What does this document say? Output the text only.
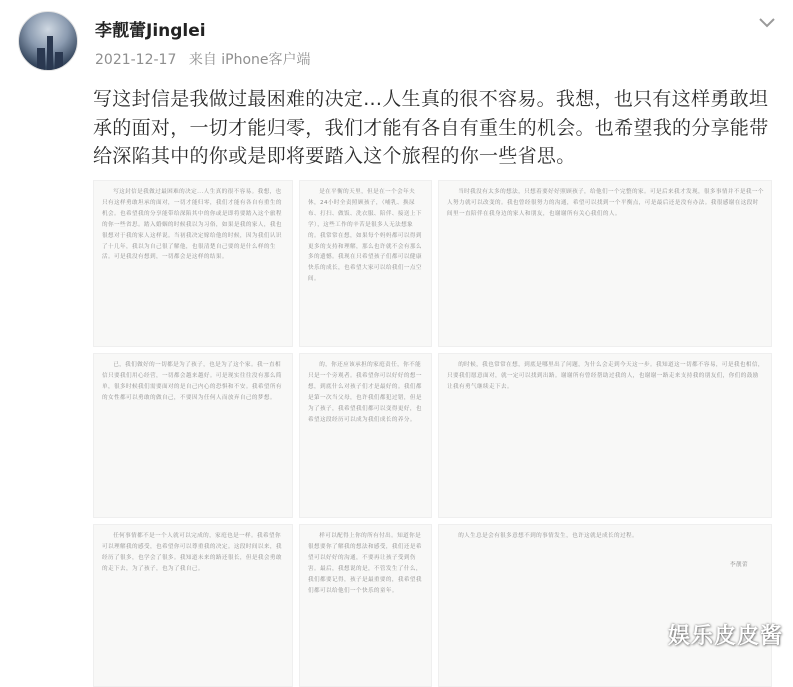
李靓蕾Jinglei
2021-12-17 来自 iPhone客户端
写这封信是我做过最困难的决定...人生真的很不容易。我想，也只有这样勇敢坦承的面对，一切才能归零，我们才能有各自有重生的机会。也希望我的分享能带给深陷其中的你或是即将要踏入这个旅程的你一些省思。

写这封信是我做过最困难的决定...人生真的很不容易。我想，也只有这样勇敢坦承的面对，一切才能归零，我们才能有各自有重生的机会。也希望我的分享能带给深陷其中的你或是即将要踏入这个旅程的你一些省思。踏入婚姻的时候我以为习俗，如果是我的家人，我也很想对于我的家人这样说。当初我决定嫁给他的时候，因为我们认识了十几年，我以为自己很了解他，也很清楚自己要的是什么样的生活。可是我没有想到，一切都会是这样的结果。

是在平衡的天里，但是在一个会年夫休，24小时全责照顾孩子，（哺乳、换尿布、打扫、做饭、洗衣服、陪伴、接送上下学），这些工作的辛苦是很多人无法想象的。我常常在想，如果每个妈妈都可以得到更多的支持和理解，那么也许就不会有那么多的遗憾。我现在只希望孩子们都可以健康快乐的成长，也希望大家可以给我们一点空间。

当时我没有太多的想法，只想着要好好照顾孩子，给他们一个完整的家。可是后来我才发现，很多事情并不是我一个人努力就可以改变的。我也曾经很努力的沟通，希望可以找到一个平衡点，可是最后还是没有办法。我很感谢在这段时间里一直陪伴在我身边的家人和朋友，也谢谢所有关心我们的人。

已，我们做好的一切都是为了孩子，也是为了这个家。我一直相信只要我们用心经营，一切都会越来越好。可是现实往往没有那么简单，很多时候我们需要面对的是自己内心的恐惧和不安。我希望所有的女性都可以勇敢的做自己，不要因为任何人而放弃自己的梦想。

的，你还应该承担的家庭责任，你不能只是一个旁观者。我希望你可以好好的想一想，到底什么对孩子们才是最好的。我们都是第一次当父母，也许我们都犯过错，但是为了孩子，我希望我们都可以变得更好，也希望这段经历可以成为我们成长的养分。

的时候，我也常常在想，到底是哪里出了问题，为什么会走到今天这一步。我知道这一切都不容易，可是我也相信，只要我们愿意面对，就一定可以找到出路。谢谢所有曾经帮助过我的人，也谢谢一路走来支持我的朋友们，你们的鼓励让我有勇气继续走下去。

任何事情都不是一个人就可以完成的，家庭也是一样。我希望你可以理解我的感受，也希望你可以尊重我的决定。这段时间以来，我经历了很多，也学会了很多。我知道未来的路还很长，但是我会勇敢的走下去，为了孩子，也为了我自己。

样可以配得上你的所有付出。知道你是很想要你了解我的想法和感受，我们还是希望可以好好的沟通，不要再让孩子受到伤害。最后，我想说的是，不管发生了什么，我们都要记得，孩子是最重要的，我希望我们都可以给他们一个快乐的童年。

的人生总是会有很多意想不到的事情发生，也许这就是成长的过程。

李靓蕾

娱乐皮皮酱
